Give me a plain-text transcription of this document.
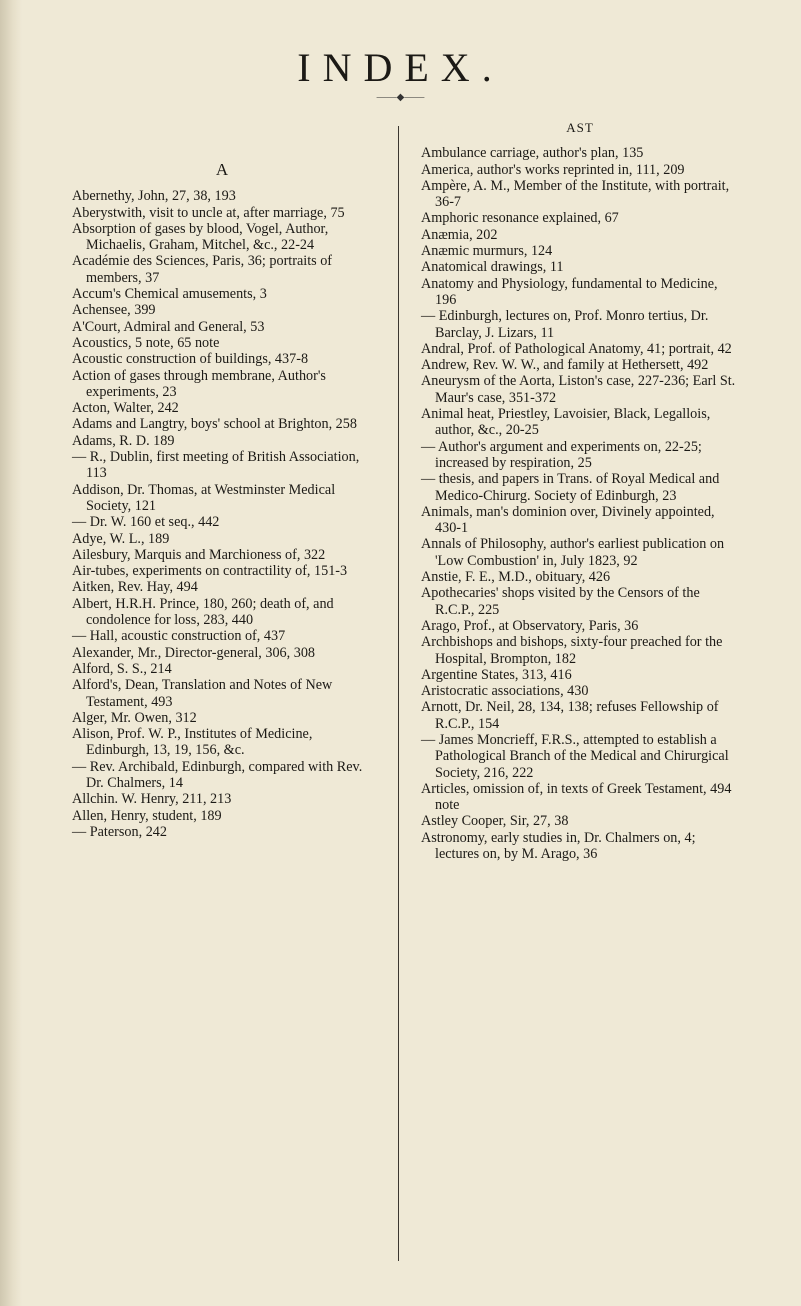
INDEX.
——◆——

A

Abernethy, John, 27, 38, 193

Aberystwith, visit to uncle at, after marriage, 75

Absorption of gases by blood, Vogel, Author, Michaelis, Graham, Mitchel, &c., 22-24

Académie des Sciences, Paris, 36; portraits of members, 37

Accum's Chemical amusements, 3

Achensee, 399

A'Court, Admiral and General, 53

Acoustics, 5 note, 65 note

Acoustic construction of buildings, 437-8

Action of gases through membrane, Author's experiments, 23

Acton, Walter, 242

Adams and Langtry, boys' school at Brighton, 258

Adams, R. D. 189

— R., Dublin, first meeting of British Association, 113

Addison, Dr. Thomas, at Westminster Medical Society, 121

— Dr. W. 160 et seq., 442

Adye, W. L., 189

Ailesbury, Marquis and Marchioness of, 322

Air-tubes, experiments on contractility of, 151-3

Aitken, Rev. Hay, 494

Albert, H.R.H. Prince, 180, 260; death of, and condolence for loss, 283, 440

— Hall, acoustic construction of, 437

Alexander, Mr., Director-general, 306, 308

Alford, S. S., 214

Alford's, Dean, Translation and Notes of New Testament, 493

Alger, Mr. Owen, 312

Alison, Prof. W. P., Institutes of Medicine, Edinburgh, 13, 19, 156, &c.

— Rev. Archibald, Edinburgh, compared with Rev. Dr. Chalmers, 14

Allchin. W. Henry, 211, 213

Allen, Henry, student, 189

— Paterson, 242

AST

Ambulance carriage, author's plan, 135

America, author's works reprinted in, 111, 209

Ampère, A. M., Member of the Institute, with portrait, 36-7

Amphoric resonance explained, 67

Anæmia, 202

Anæmic murmurs, 124

Anatomical drawings, 11

Anatomy and Physiology, fundamental to Medicine, 196

— Edinburgh, lectures on, Prof. Monro tertius, Dr. Barclay, J. Lizars, 11

Andral, Prof. of Pathological Anatomy, 41; portrait, 42

Andrew, Rev. W. W., and family at Hethersett, 492

Aneurysm of the Aorta, Liston's case, 227-236; Earl St. Maur's case, 351-372

Animal heat, Priestley, Lavoisier, Black, Legallois, author, &c., 20-25

— Author's argument and experiments on, 22-25; increased by respiration, 25

— thesis, and papers in Trans. of Royal Medical and Medico-Chirurg. Society of Edinburgh, 23

Animals, man's dominion over, Divinely appointed, 430-1

Annals of Philosophy, author's earliest publication on 'Low Combustion' in, July 1823, 92

Anstie, F. E., M.D., obituary, 426

Apothecaries' shops visited by the Censors of the R.C.P., 225

Arago, Prof., at Observatory, Paris, 36

Archbishops and bishops, sixty-four preached for the Hospital, Brompton, 182

Argentine States, 313, 416

Aristocratic associations, 430

Arnott, Dr. Neil, 28, 134, 138; refuses Fellowship of R.C.P., 154

— James Moncrieff, F.R.S., attempted to establish a Pathological Branch of the Medical and Chirurgical Society, 216, 222

Articles, omission of, in texts of Greek Testament, 494 note

Astley Cooper, Sir, 27, 38

Astronomy, early studies in, Dr. Chalmers on, 4; lectures on, by M. Arago, 36
